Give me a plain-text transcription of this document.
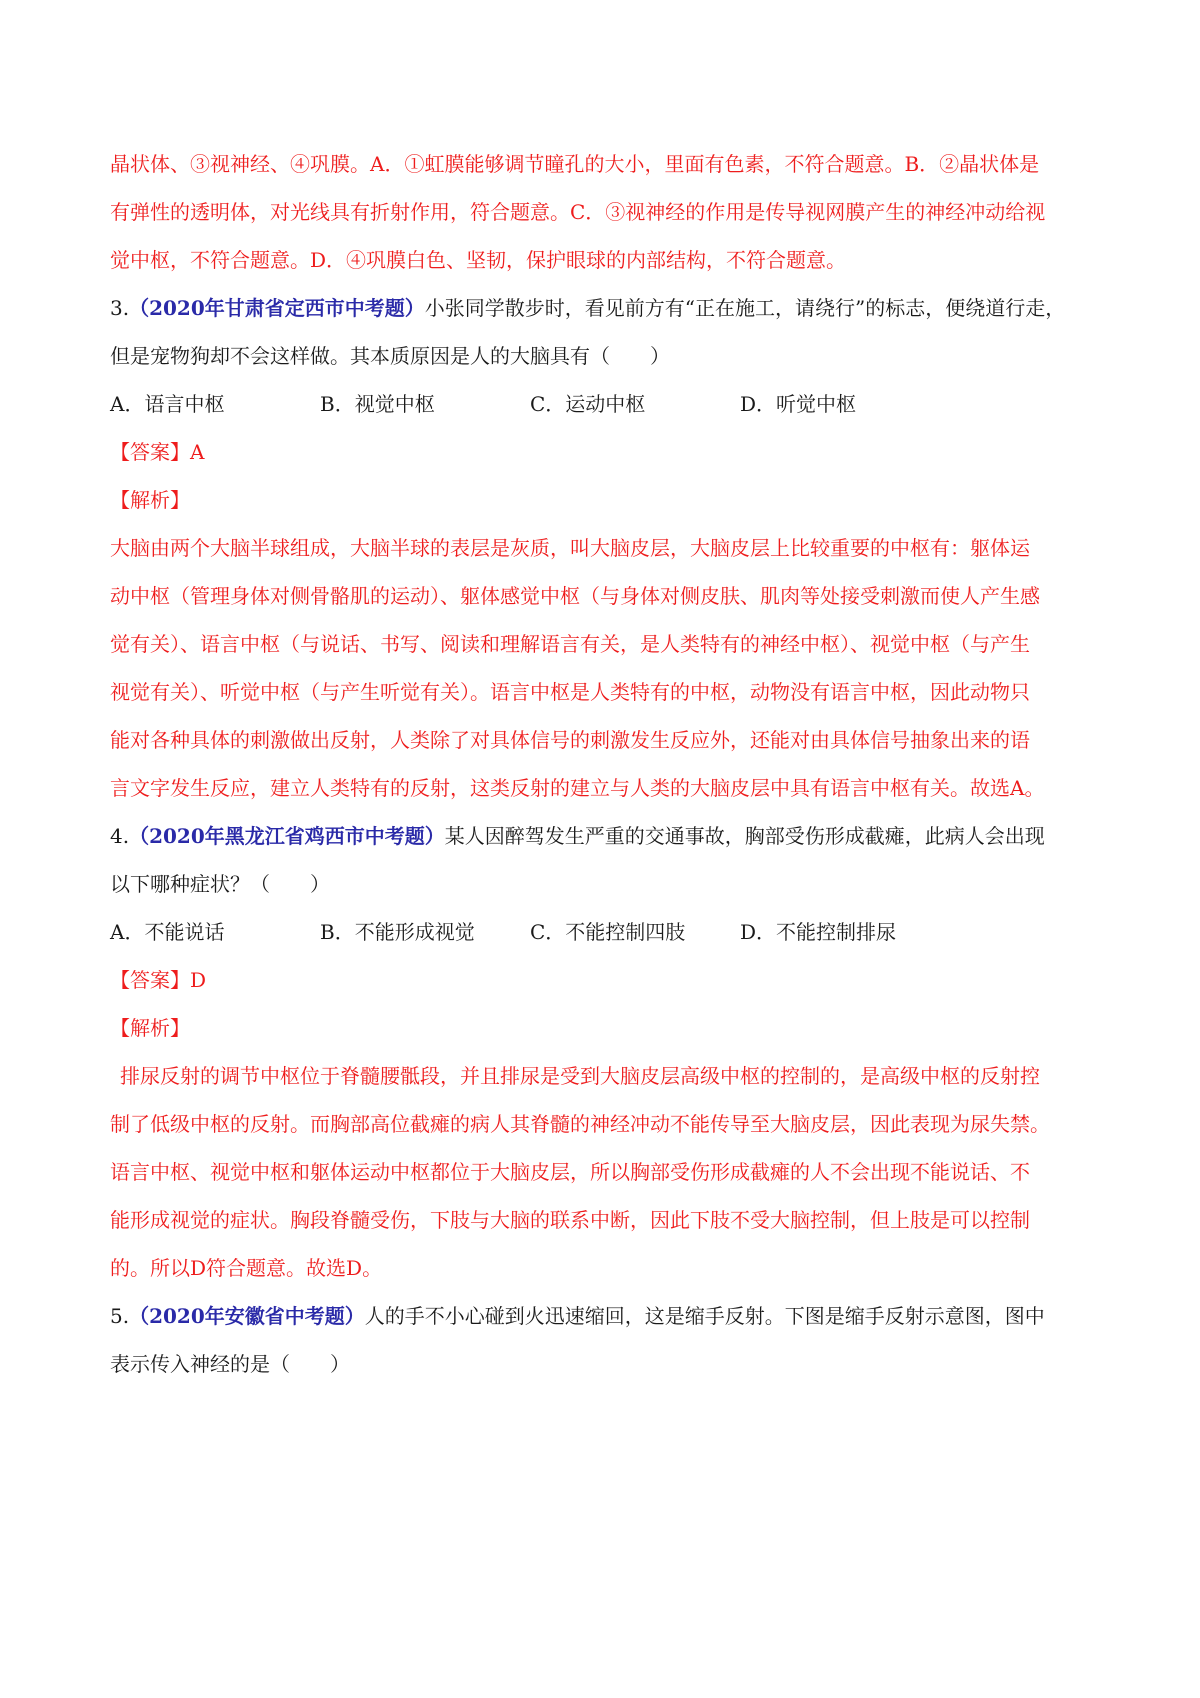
晶状体、③视神经、④巩膜。A．①虹膜能够调节瞳孔的大小，里面有色素，不符合题意。B．②晶状体是
有弹性的透明体，对光线具有折射作用，符合题意。C．③视神经的作用是传导视网膜产生的神经冲动给视
觉中枢，不符合题意。D．④巩膜白色、坚韧，保护眼球的内部结构，不符合题意。
3.（2020年甘肃省定西市中考题）小张同学散步时，看见前方有“正在施工，请绕行”的标志，便绕道行走，
但是宠物狗却不会这样做。其本质原因是人的大脑具有（　　）
A．语言中枢	B．视觉中枢	C．运动中枢	D．听觉中枢
【答案】A
【解析】
大脑由两个大脑半球组成，大脑半球的表层是灰质，叫大脑皮层，大脑皮层上比较重要的中枢有：躯体运
动中枢（管理身体对侧骨骼肌的运动）、躯体感觉中枢（与身体对侧皮肤、肌肉等处接受刺激而使人产生感
觉有关）、语言中枢（与说话、书写、阅读和理解语言有关，是人类特有的神经中枢）、视觉中枢（与产生
视觉有关）、听觉中枢（与产生听觉有关）。语言中枢是人类特有的中枢，动物没有语言中枢，因此动物只
能对各种具体的刺激做出反射，人类除了对具体信号的刺激发生反应外，还能对由具体信号抽象出来的语
言文字发生反应，建立人类特有的反射，这类反射的建立与人类的大脑皮层中具有语言中枢有关。故选A。
4.（2020年黑龙江省鸡西市中考题）某人因醉驾发生严重的交通事故，胸部受伤形成截瘫，此病人会出现
以下哪种症状？（　　）
A．不能说话	B．不能形成视觉	C．不能控制四肢	D．不能控制排尿
【答案】D
【解析】
排尿反射的调节中枢位于脊髓腰骶段，并且排尿是受到大脑皮层高级中枢的控制的，是高级中枢的反射控
制了低级中枢的反射。而胸部高位截瘫的病人其脊髓的神经冲动不能传导至大脑皮层，因此表现为尿失禁。
语言中枢、视觉中枢和躯体运动中枢都位于大脑皮层，所以胸部受伤形成截瘫的人不会出现不能说话、不
能形成视觉的症状。胸段脊髓受伤，下肢与大脑的联系中断，因此下肢不受大脑控制，但上肢是可以控制
的。所以D符合题意。故选D。
5.（2020年安徽省中考题）人的手不小心碰到火迅速缩回，这是缩手反射。下图是缩手反射示意图，图中
表示传入神经的是（　　）
